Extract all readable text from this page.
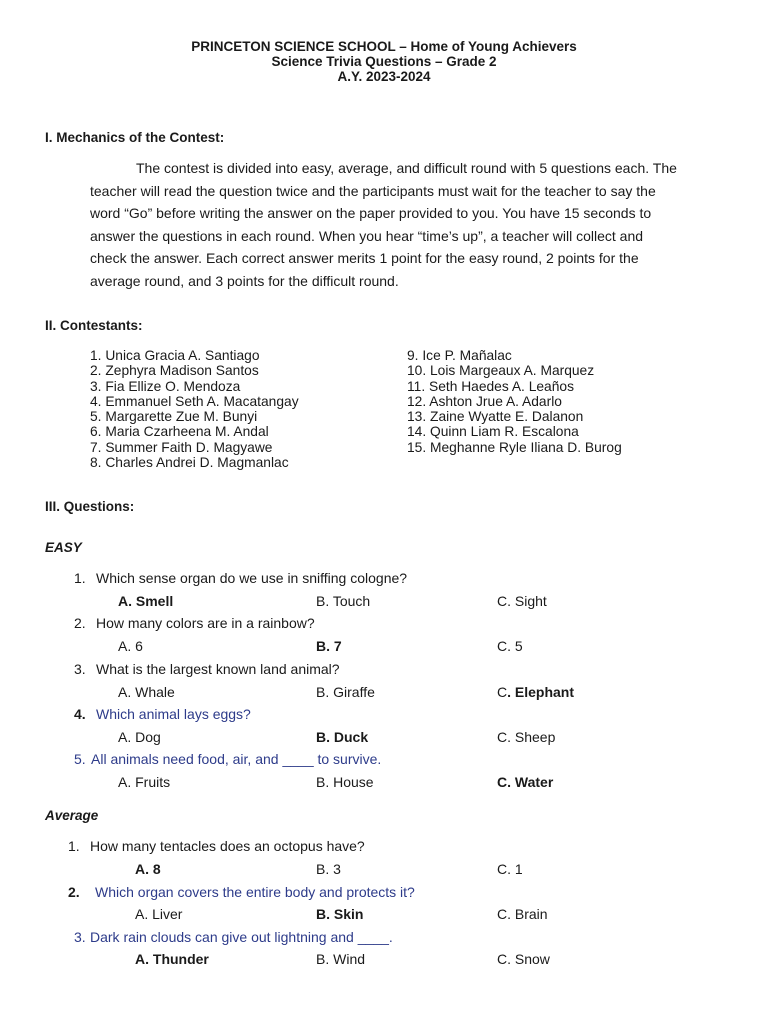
PRINCETON SCIENCE SCHOOL – Home of Young Achievers
Science Trivia Questions – Grade 2
A.Y. 2023-2024
I. Mechanics of the Contest:
The contest is divided into easy, average, and difficult round with 5 questions each. The
teacher will read the question twice and the participants must wait for the teacher to say the
word “Go” before writing the answer on the paper provided to you. You have 15 seconds to
answer the questions in each round. When you hear “time’s up”, a teacher will collect and
check the answer. Each correct answer merits 1 point for the easy round, 2 points for the
average round, and 3 points for the difficult round.
II. Contestants:
1. Unica Gracia A. Santiago
2. Zephyra Madison Santos
3. Fia Ellize O. Mendoza
4. Emmanuel Seth A. Macatangay
5. Margarette Zue M. Bunyi
6. Maria Czarheena M. Andal
7. Summer Faith D. Magyawe
8. Charles Andrei D. Magmanlac
9. Ice P. Mañalac
10. Lois Margeaux A. Marquez
11. Seth Haedes A. Leaños
12. Ashton Jrue A. Adarlo
13. Zaine Wyatte E. Dalanon
14. Quinn Liam R. Escalona
15. Meghanne Ryle Iliana D. Burog
III. Questions:
EASY
1. Which sense organ do we use in sniffing cologne?
A. Smell	B. Touch	C. Sight
2. How many colors are in a rainbow?
A. 6	B. 7	C. 5
3. What is the largest known land animal?
A. Whale	B. Giraffe	C. Elephant
4. Which animal lays eggs?
A. Dog	B. Duck	C. Sheep
5. All animals need food, air, and ____ to survive.
A. Fruits	B. House	C. Water
Average
1. How many tentacles does an octopus have?
A. 8	B. 3	C. 1
2. Which organ covers the entire body and protects it?
A. Liver	B. Skin	C. Brain
3. Dark rain clouds can give out lightning and ____.
A. Thunder	B. Wind	C. Snow
